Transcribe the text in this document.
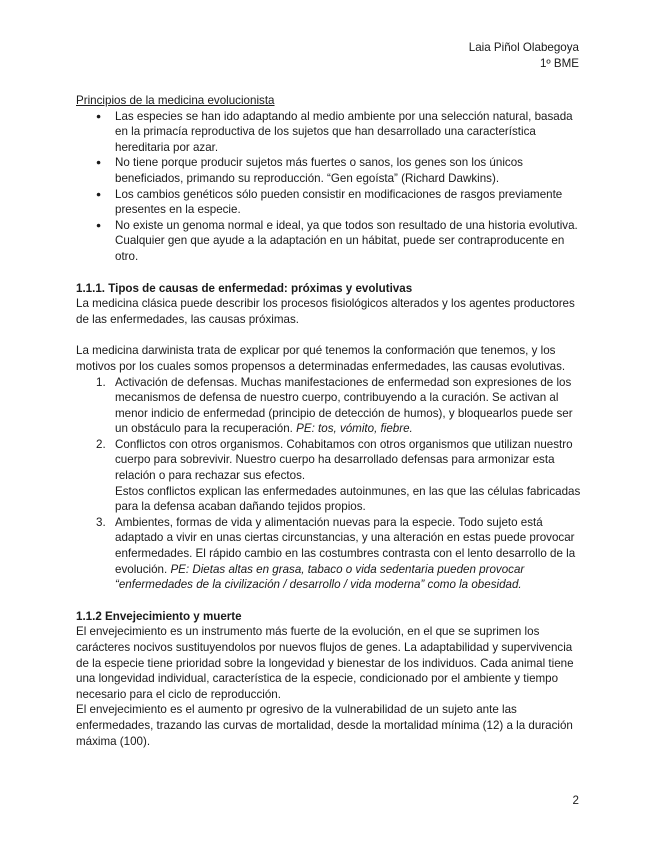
Laia Piñol Olabegoya
1º BME

Principios de la medicina evolucionista

● Las especies se han ido adaptando al medio ambiente por una selección natural, basada en la primacía reproductiva de los sujetos que han desarrollado una característica hereditaria por azar.
● No tiene porque producir sujetos más fuertes o sanos, los genes son los únicos beneficiados, primando su reproducción. “Gen egoísta” (Richard Dawkins).
● Los cambios genéticos sólo pueden consistir en modificaciones de rasgos previamente presentes en la especie.
● No existe un genoma normal e ideal, ya que todos son resultado de una historia evolutiva. Cualquier gen que ayude a la adaptación en un hábitat, puede ser contraproducente en otro.

1.1.1. Tipos de causas de enfermedad: próximas y evolutivas

La medicina clásica puede describir los procesos fisiológicos alterados y los agentes productores de las enfermedades, las causas próximas.

La medicina darwinista trata de explicar por qué tenemos la conformación que tenemos, y los motivos por los cuales somos propensos a determinadas enfermedades, las causas evolutivas.

1. Activación de defensas. Muchas manifestaciones de enfermedad son expresiones de los mecanismos de defensa de nuestro cuerpo, contribuyendo a la curación. Se activan al menor indicio de enfermedad (principio de detección de humos), y bloquearlos puede ser un obstáculo para la recuperación. PE: tos, vómito, fiebre.
2. Conflictos con otros organismos. Cohabitamos con otros organismos que utilizan nuestro cuerpo para sobrevivir. Nuestro cuerpo ha desarrollado defensas para armonizar esta relación o para rechazar sus efectos.
Estos conflictos explican las enfermedades autoinmunes, en las que las células fabricadas para la defensa acaban dañando tejidos propios.
3. Ambientes, formas de vida y alimentación nuevas para la especie. Todo sujeto está adaptado a vivir en unas ciertas circunstancias, y una alteración en estas puede provocar enfermedades. El rápido cambio en las costumbres contrasta con el lento desarrollo de la evolución. PE: Dietas altas en grasa, tabaco o vida sedentaria pueden provocar “enfermedades de la civilización / desarrollo / vida moderna” como la obesidad.

1.1.2 Envejecimiento y muerte

El envejecimiento es un instrumento más fuerte de la evolución, en el que se suprimen los carácteres nocivos sustituyendolos por nuevos flujos de genes. La adaptabilidad y supervivencia de la especie tiene prioridad sobre la longevidad y bienestar de los individuos. Cada animal tiene una longevidad individual, característica de la especie, condicionado por el ambiente y tiempo necesario para el ciclo de reproducción.

El envejecimiento es el aumento pr ogresivo de la vulnerabilidad de un sujeto ante las enfermedades, trazando las curvas de mortalidad, desde la mortalidad mínima (12) a la duración máxima (100).

2
